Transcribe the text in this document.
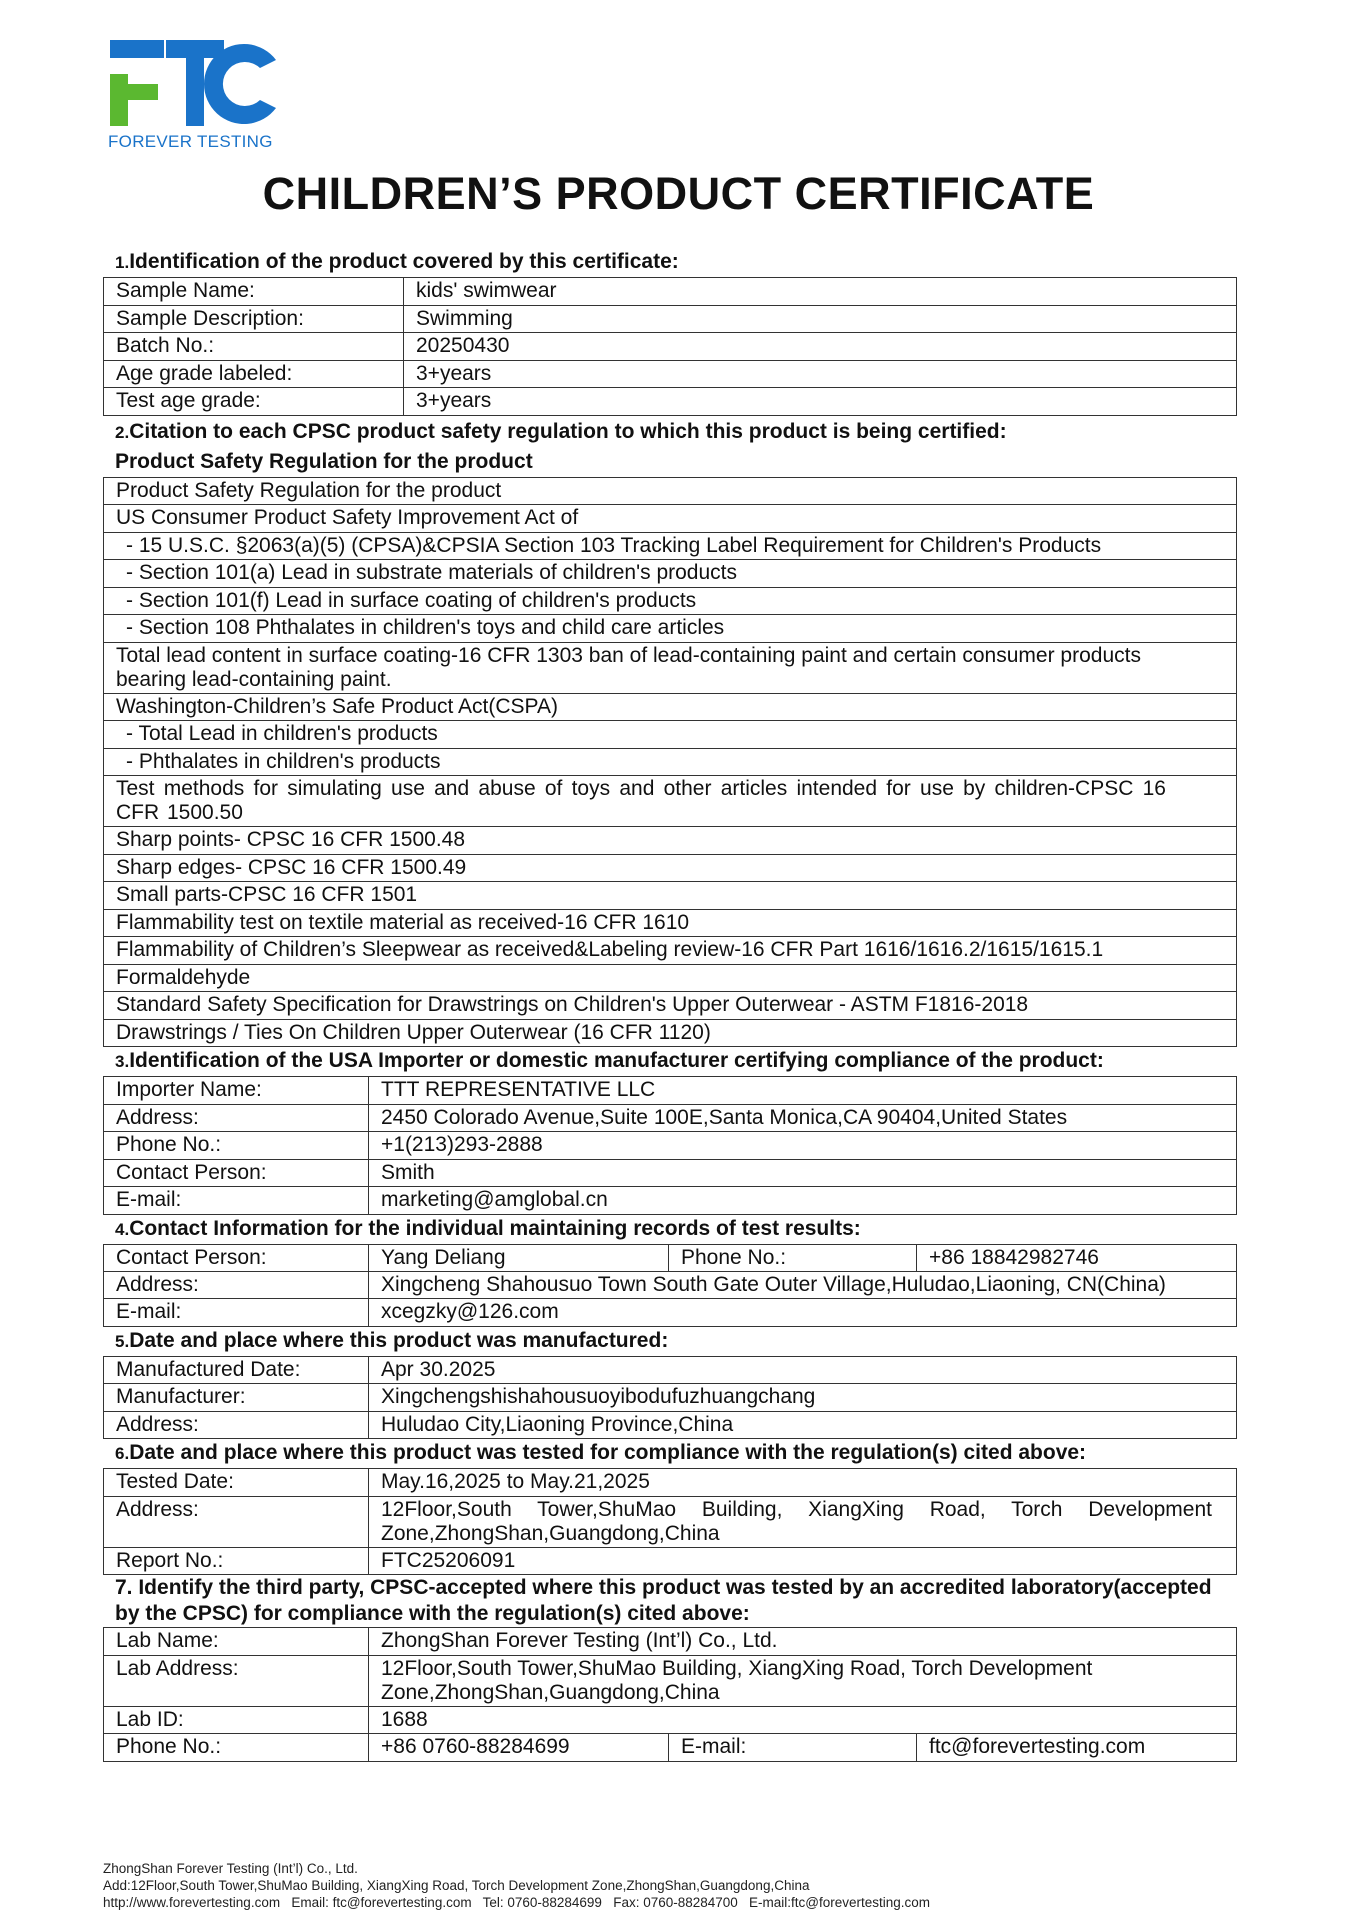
FOREVER TESTING
CHILDREN’S PRODUCT CERTIFICATE
1.Identification of the product covered by this certificate:
Sample Name:	kids' swimwear
Sample Description:	Swimming
Batch No.:	20250430
Age grade labeled:	3+years
Test age grade:	3+years
2.Citation to each CPSC product safety regulation to which this product is being certified:
Product Safety Regulation for the product
Product Safety Regulation for the product
US Consumer Product Safety Improvement Act of
- 15 U.S.C. §2063(a)(5) (CPSA)&CPSIA Section 103 Tracking Label Requirement for Children's Products
- Section 101(a) Lead in substrate materials of children's products
- Section 101(f) Lead in surface coating of children's products
- Section 108 Phthalates in children's toys and child care articles
Total lead content in surface coating-16 CFR 1303 ban of lead-containing paint and certain consumer products bearing lead-containing paint.
Washington-Children’s Safe Product Act(CSPA)
- Total Lead in children's products
- Phthalates in children's products
Test methods for simulating use and abuse of toys and other articles intended for use by children-CPSC 16 CFR 1500.50
Sharp points- CPSC 16 CFR 1500.48
Sharp edges- CPSC 16 CFR 1500.49
Small parts-CPSC 16 CFR 1501
Flammability test on textile material as received-16 CFR 1610
Flammability of Children’s Sleepwear as received&Labeling review-16 CFR Part 1616/1616.2/1615/1615.1
Formaldehyde
Standard Safety Specification for Drawstrings on Children's Upper Outerwear - ASTM F1816-2018
Drawstrings / Ties On Children Upper Outerwear (16 CFR 1120)
3.Identification of the USA Importer or domestic manufacturer certifying compliance of the product:
Importer Name:	TTT REPRESENTATIVE LLC
Address:	2450 Colorado Avenue,Suite 100E,Santa Monica,CA 90404,United States
Phone No.:	+1(213)293-2888
Contact Person:	Smith
E-mail:	marketing@amglobal.cn
4.Contact Information for the individual maintaining records of test results:
Contact Person:	Yang Deliang	Phone No.:	+86 18842982746
Address:	Xingcheng Shahousuo Town South Gate Outer Village,Huludao,Liaoning, CN(China)		
E-mail:	xcegzky@126.com		
5.Date and place where this product was manufactured:
Manufactured Date:	Apr 30.2025
Manufacturer:	Xingchengshishahousuoyibodufuzhuangchang
Address:	Huludao City,Liaoning Province,China
6.Date and place where this product was tested for compliance with the regulation(s) cited above:
Tested Date:	May.16,2025 to May.21,2025
Address:	12Floor,South Tower,ShuMao Building, XiangXing Road, Torch Development Zone,ZhongShan,Guangdong,China
Report No.:	FTC25206091
7. Identify the third party, CPSC-accepted where this product was tested by an accredited laboratory(accepted by the CPSC) for compliance with the regulation(s) cited above:
Lab Name:	ZhongShan Forever Testing (Int’l) Co., Ltd.		
Lab Address:	12Floor,South Tower,ShuMao Building, XiangXing Road, Torch Development Zone,ZhongShan,Guangdong,China		
Lab ID:	1688		
Phone No.:	+86 0760-88284699	E-mail:	ftc@forevertesting.com
ZhongShan Forever Testing (Int’l) Co., Ltd.
Add:12Floor,South Tower,ShuMao Building, XiangXing Road, Torch Development Zone,ZhongShan,Guangdong,China
http://www.forevertesting.com   Email: ftc@forevertesting.com   Tel: 0760-88284699   Fax: 0760-88284700   E-mail:ftc@forevertesting.com
